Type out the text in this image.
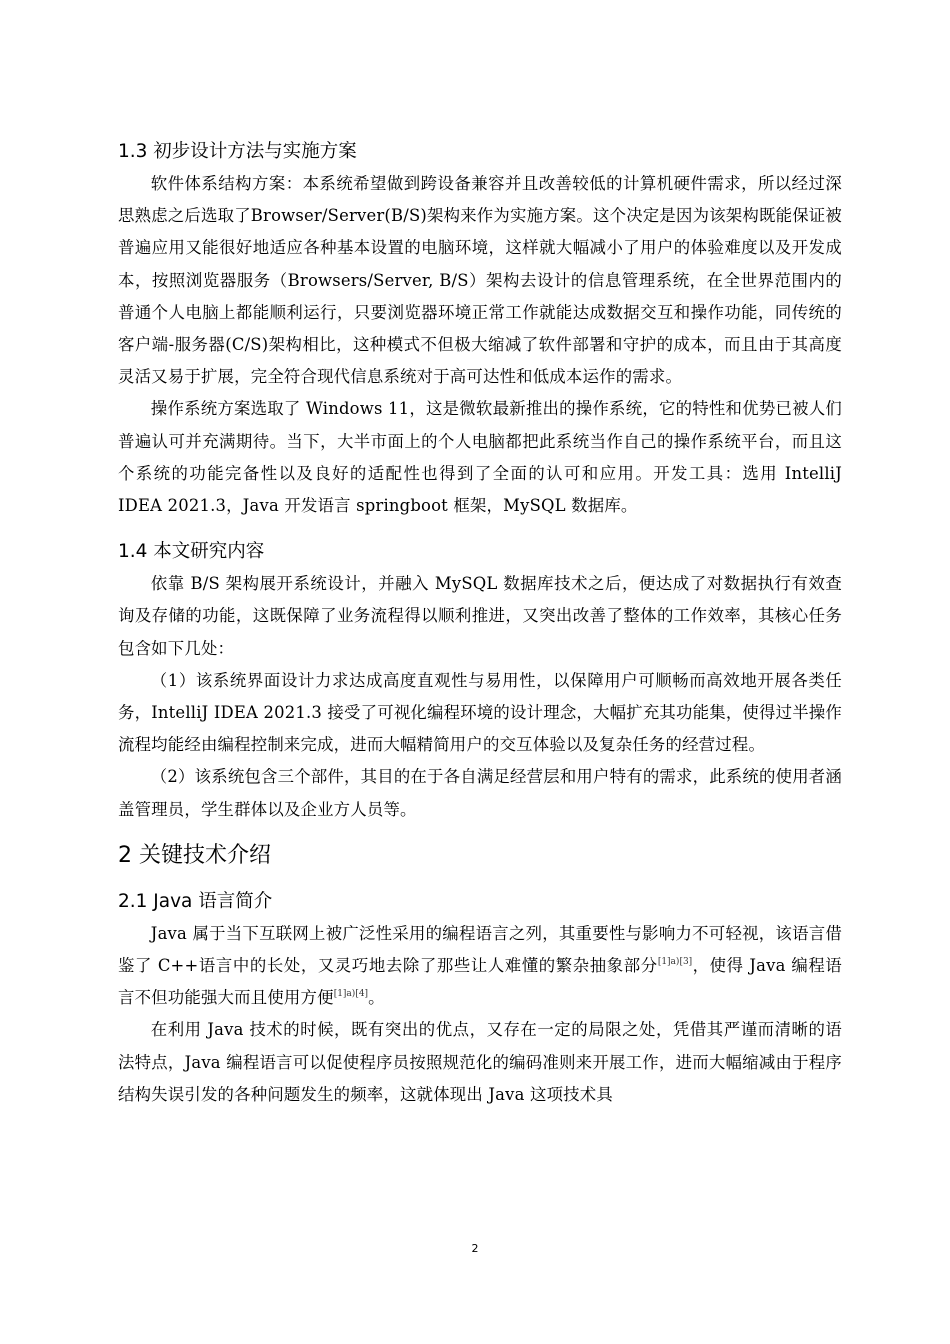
1.3 初步设计方法与实施方案

软件体系结构方案：本系统希望做到跨设备兼容并且改善较低的计算机硬件需求，所以经过深思熟虑之后选取了Browser/Server(B/S)架构来作为实施方案。这个决定是因为该架构既能保证被普遍应用又能很好地适应各种基本设置的电脑环境，这样就大幅减小了用户的体验难度以及开发成本，按照浏览器服务（Browsers/Server, B/S）架构去设计的信息管理系统，在全世界范围内的普通个人电脑上都能顺利运行，只要浏览器环境正常工作就能达成数据交互和操作功能，同传统的客户端-服务器(C/S)架构相比，这种模式不但极大缩减了软件部署和守护的成本，而且由于其高度灵活又易于扩展，完全符合现代信息系统对于高可达性和低成本运作的需求。

操作系统方案选取了 Windows 11，这是微软最新推出的操作系统，它的特性和优势已被人们普遍认可并充满期待。当下，大半市面上的个人电脑都把此系统当作自己的操作系统平台，而且这个系统的功能完备性以及良好的适配性也得到了全面的认可和应用。开发工具：选用 IntelliJ IDEA 2021.3，Java 开发语言 springboot 框架，MySQL 数据库。

1.4 本文研究内容

依靠 B/S 架构展开系统设计，并融入 MySQL 数据库技术之后，便达成了对数据执行有效查询及存储的功能，这既保障了业务流程得以顺利推进，又突出改善了整体的工作效率，其核心任务包含如下几处：

（1）该系统界面设计力求达成高度直观性与易用性，以保障用户可顺畅而高效地开展各类任务，IntelliJ IDEA 2021.3 接受了可视化编程环境的设计理念，大幅扩充其功能集，使得过半操作流程均能经由编程控制来完成，进而大幅精简用户的交互体验以及复杂任务的经营过程。

（2）该系统包含三个部件，其目的在于各自满足经营层和用户特有的需求，此系统的使用者涵盖管理员，学生群体以及企业方人员等。

2 关键技术介绍
2.1 Java 语言简介

Java 属于当下互联网上被广泛性采用的编程语言之列，其重要性与影响力不可轻视，该语言借鉴了 C++语言中的长处，又灵巧地去除了那些让人难懂的繁杂抽象部分[1]a)[3]，使得 Java 编程语言不但功能强大而且使用方便[1]a)[4]。

在利用 Java 技术的时候，既有突出的优点，又存在一定的局限之处，凭借其严谨而清晰的语法特点，Java 编程语言可以促使程序员按照规范化的编码准则来开展工作，进而大幅缩减由于程序结构失误引发的各种问题发生的频率，这就体现出 Java 这项技术具

2
